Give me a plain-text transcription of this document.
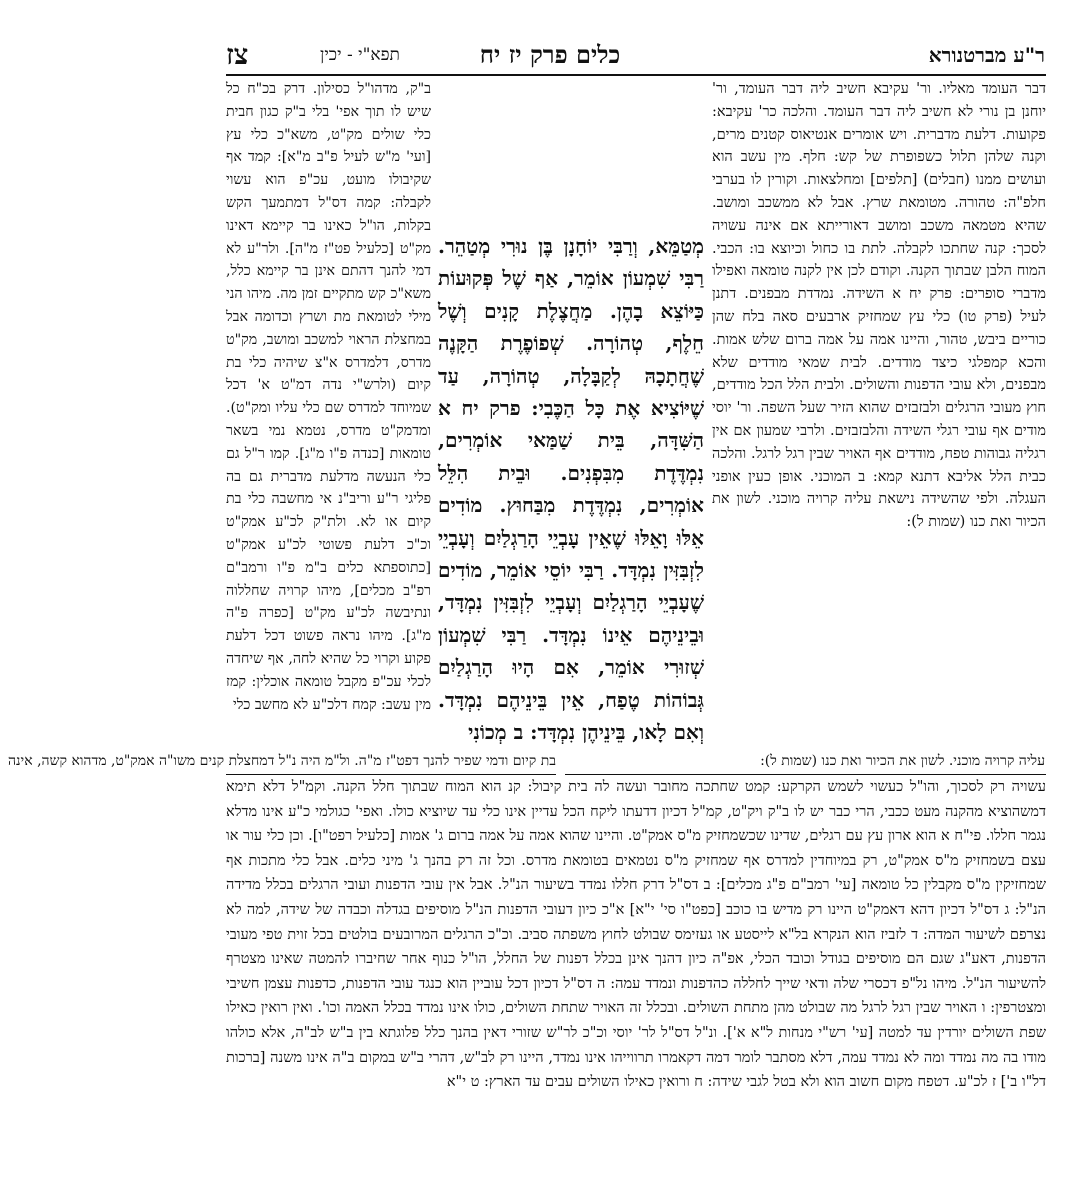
ר"ע מברטנורא
כלים פרק יז יח
תפא"י - יכין
צז

דבר העומד מאליו. ור' עקיבא חשיב ליה דבר העומד, ור' יוחנן בן נורי לא חשיב ליה דבר העומד. והלכה כר' עקיבא: פקועות. דלעת מדברית. ויש אומרים אנטיאוס קטנים מרים, וקנה שלהן תלול כשפופרת של קש: חלף. מין עשב הוא ועושים ממנו (חבלים) [תלפים] ומחלצאות. וקורין לו בערבי חלפ"ה: טהורה. מטומאת שרץ. אבל לא ממשכב ומושב. שהיא מטמאה משכב ומושב דאורייתא אם אינה עשויה לסכך: קנה שחתכו לקבלה. לתת בו כחול וכיוצא בו: הכבי. המוח הלבן שבתוך הקנה. וקודם לכן אין לקנה טומאה ואפילו מדברי סופרים: פרק יח א השידה. נמדדת מבפנים. דתנן לעיל (פרק טו) כלי עץ שמחזיק ארבעים סאה בלח שהן כוריים ביבש, טהור, והיינו אמה על אמה ברום שלש אמות. והכא קמפלגי כיצד מודדים. לבית שמאי מודדים שלא מבפנים, ולא עובי הדפנות והשולים. ולבית הלל הכל מודדים, חוץ מעובי הרגלים ולבזבזים שהוא הזיר שעל השפה. ור' יוסי מודים אף עובי רגלי השידה והלבזבזים. ולרבי שמעון אם אין רגליה גבוהות טפח, מודדים אף האויר שבין רגל לרגל. והלכה כבית הלל אליבא דתנא קמא: ב המוכני. אופן כעין אופני העגלה. ולפי שהשידה נישאת עליה קרויה מוכני. לשון את הכיור ואת כנו (שמות ל):

מְטַמֵּא, וְרַבִּי יוֹחָנָן בֶּן נוּרִי מְטַהֵר. רַבִּי שִׁמְעוֹן אוֹמֵר, אַף שֶׁל פְּקוּעוֹת כַּיּוֹצֵא בָהֶן. מַחֲצֶלֶת קָנִים וְשֶׁל חֵלֶף, טְהוֹרָה. שְׁפוֹפֶרֶת הַקָּנֶה שֶׁחֲתָכָהּ לְקַבָּלָה, טְהוֹרָה, עַד שֶׁיּוֹצִיא אֶת כָּל הַכֶּבִי: פרק יח א הַשִּׁדָּה, בֵּית שַׁמַּאי אוֹמְרִים, נִמְדֶּדֶת מִבִּפְנִים. וּבֵית הִלֵּל אוֹמְרִים, נִמְדֶּדֶת מִבַּחוּץ. מוֹדִים אֵלּוּ וָאֵלּוּ שֶׁאֵין עָבְיֵי הָרַגְלַיִם וְעָבְיֵי לִזְבִּזִּין נִמְדָּד. רַבִּי יוֹסֵי אוֹמֵר, מוֹדִים שֶׁעָבְיֵי הָרַגְלַיִם וְעָבְיֵי לִזְבִּזִּין נִמְדָּד, וּבֵינֵיהֶם אֵינוֹ נִמְדָּד. רַבִּי שִׁמְעוֹן שְׁזוּרִי אוֹמֵר, אִם הָיוּ הָרַגְלַיִם גְּבוֹהוֹת טֶפַח, אֵין בֵּינֵיהֶם נִמְדָּד. וְאִם לָאו, בֵּינֵיהֶן נִמְדָּד: ב מְכוֹנִי

ב"ק, מדהו"ל כסילון. דרק בכ"ח כל שיש לו תוך אפי' בלי ב"ק כגון חבית כלי שולים מק"ט, משא"כ כלי עץ [ועי' מ"ש לעיל פ"ב מ"א]: קמד אף שקיבולו מועט, עכ"פ הוא עשוי לקבלה: קמה דס"ל דמתמעך הקש בקלות, הו"ל כאינו בר קיימא דאינו מק"ט [כלעיל פט"ז מ"ה]. ולר"ע לא דמי להנך דהתם אינן בר קיימא כלל, משא"כ קש מתקיים זמן מה. מיהו הני מילי לטומאת מת ושרץ וכדומה אבל במחצלת הראוי למשכב ומושב, מק"ט מדרס, דלמדרס א"צ שיהיה כלי בת קיום (ולרש"י נדה דמ"ט א' דכל שמיוחד למדרס שם כלי עליו ומק"ט). ומדמק"ט מדרס, נטמא נמי בשאר טומאות [כנדה פ"ו מ"ג]. קמו ר"ל גם כלי הנעשה מדלעת מדברית גם בה פליגי ר"ע וריב"נ אי מחשבה כלי בת קיום או לא. ולת"ק לכ"ע אמק"ט וכ"כ דלעת פשוטי לכ"ע אמק"ט [כתוספתא כלים ב"מ פ"ו ורמב"ם רפ"ב מכלים], מיהו קרויה שחללוה ונתיבשה לכ"ע מק"ט [כפרה פ"ה מ"ג]. מיהו נראה פשוט דכל דלעת פקוע וקרוי כל שהיא לחה, אף שיחדה לכלי עכ"פ מקבל טומאה אוכלין: קמז מין עשב: קמח דלכ"ע לא מחשב כלי

עליה קרויה מוכני. לשון את הכיור ואת כנו (שמות ל):
בת קיום ודמי שפיר להנך דפט"ז מ"ה. ול"מ היה נ"ל דמחצלת קנים משו"ה אמק"ט, מדהוא קשה, אינה

עשויה רק לסכוך, והו"ל כעשוי לשמש הקרקע: קמט שחתכה מחובר ועשה לה בית קיבול: קנ הוא המוח שבתוך חלל הקנה. וקמ"ל דלא תימא דמשהוציא מהקנה מעט ככבי, הרי כבר יש לו ב"ק ויק"ט, קמ"ל דכיון דדעתו ליקח הכל עדיין אינו כלי עד שיוציא כולו. ואפי' כגולמי כ"ע אינו מדלא נגמר חללו. פי"ח א הוא ארון עץ עם רגלים, שדינו שכשמחזיק מ"ס אמק"ט. והיינו שהוא אמה על אמה ברום ג' אמות [כלעיל רפט"ו]. וכן כלי עור או עצם בשמחזיק מ"ס אמק"ט, רק במיוחדין למדרס אף שמחזיק מ"ס נטמאים בטומאת מדרס. וכל זה רק בהנך ג' מיני כלים. אבל כלי מתכות אף שמחזיקין מ"ס מקבלין כל טומאה [עי' רמב"ם פ"ג מכלים]: ב דס"ל דרק חללו נמדד בשיעור הנ"ל. אבל אין עובי הדפנות ועובי הרגלים בכלל מדידה הנ"ל: ג דס"ל דכיון דהא דאמק"ט היינו רק מדיש בו כוכב [כפט"ו סי' י"א] א"כ כיון דעובי הדפנות הנ"ל מוסיפים בגדלה וכבדה של שידה, למה לא נצרפם לשיעור המדה: ד לזביז הוא הנקרא בל"א לייסטע או געזימס שבולט לחוץ משפתה סביב. וכ"כ הרגלים המרובעים בולטים בכל זוית טפי מעובי הדפנות, דאע"ג שגם הם מוסיפים בגודל וכובד הכלי, אפ"ה כיון דהנך אינן בכלל דפנות של החלל, הו"ל כנוף אחר שחיברו להמטה שאינו מצטרף להשיעור הנ"ל. מיהו נל"פ דכסרי שלה ודאי שייך לחללה כהדפנות ונמדד עמה: ה דס"ל דכיון דכל עוביין הוא כנגד עובי הדפנות, כדפנות עצמן חשיבי ומצטרפין: ו האויר שבין רגל לרגל מה שבולט מהן מתחת השולים. ובכלל זה האויר שתחת השולים, כולו אינו נמדד בכלל האמה וכו'. ואין רואין כאילו שפת השולים יורדין עד למטה [עי' רש"י מנחות ל"א א']. ונ"ל דס"ל לר' יוסי וכ"כ לר"ש שזורי דאין בהנך כלל פלוגתא בין ב"ש לב"ה, אלא כולהו מודו בה מה נמדד ומה לא נמדד עמה, דלא מסתבר לומר דמה דקאמרו תרווייהו אינו נמדד, היינו רק לב"ש, דהרי ב"ש במקום ב"ה אינו משנה [ברכות דל"ו ב'] ז לכ"ע. דטפח מקום חשוב הוא ולא בטל לגבי שידה: ח ורואין כאילו השולים עבים עד הארץ: ט י"א
